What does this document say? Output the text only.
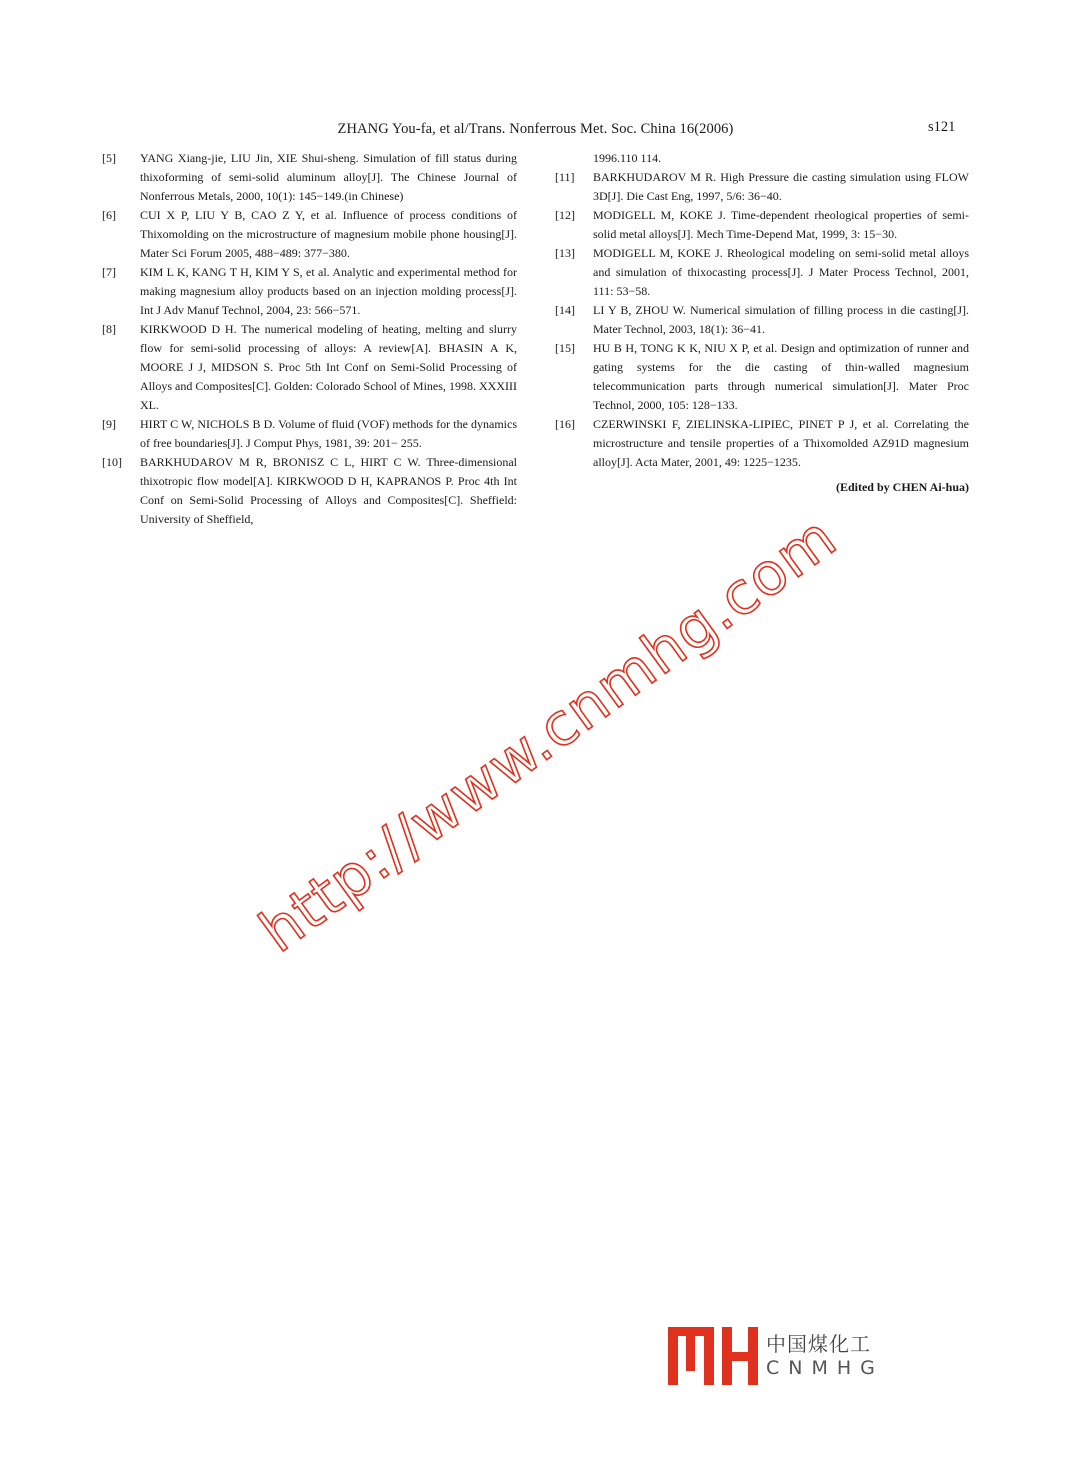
ZHANG You-fa, et al/Trans. Nonferrous Met. Soc. China 16(2006)	s121
[5] YANG Xiang-jie, LIU Jin, XIE Shui-sheng. Simulation of fill status during thixoforming of semi-solid aluminum alloy[J]. The Chinese Journal of Nonferrous Metals, 2000, 10(1): 145−149.(in Chinese)
[6] CUI X P, LIU Y B, CAO Z Y, et al. Influence of process conditions of Thixomolding on the microstructure of magnesium mobile phone housing[J]. Mater Sci Forum 2005, 488−489: 377−380.
[7] KIM L K, KANG T H, KIM Y S, et al. Analytic and experimental method for making magnesium alloy products based on an injection molding process[J]. Int J Adv Manuf Technol, 2004, 23: 566−571.
[8] KIRKWOOD D H. The numerical modeling of heating, melting and slurry flow for semi-solid processing of alloys: A review[A]. BHASIN A K, MOORE J J, MIDSON S. Proc 5th Int Conf on Semi-Solid Processing of Alloys and Composites[C]. Golden: Colorado School of Mines, 1998. XXXIII XL.
[9] HIRT C W, NICHOLS B D. Volume of fluid (VOF) methods for the dynamics of free boundaries[J]. J Comput Phys, 1981, 39: 201− 255.
[10] BARKHUDAROV M R, BRONISZ C L, HIRT C W. Three-dimensional thixotropic flow model[A]. KIRKWOOD D H, KAPRANOS P. Proc 4th Int Conf on Semi-Solid Processing of Alloys and Composites[C]. Sheffield: University of Sheffield,
1996.110 114.
[11] BARKHUDAROV M R. High Pressure die casting simulation using FLOW 3D[J]. Die Cast Eng, 1997, 5/6: 36−40.
[12] MODIGELL M, KOKE J. Time-dependent rheological properties of semi-solid metal alloys[J]. Mech Time-Depend Mat, 1999, 3: 15−30.
[13] MODIGELL M, KOKE J. Rheological modeling on semi-solid metal alloys and simulation of thixocasting process[J]. J Mater Process Technol, 2001, 111: 53−58.
[14] LI Y B, ZHOU W. Numerical simulation of filling process in die casting[J]. Mater Technol, 2003, 18(1): 36−41.
[15] HU B H, TONG K K, NIU X P, et al. Design and optimization of runner and gating systems for the die casting of thin-walled magnesium telecommunication parts through numerical simulation[J]. Mater Proc Technol, 2000, 105: 128−133.
[16] CZERWINSKI F, ZIELINSKA-LIPIEC, PINET P J, et al. Correlating the microstructure and tensile properties of a Thixomolded AZ91D magnesium alloy[J]. Acta Mater, 2001, 49: 1225−1235.
(Edited by CHEN Ai-hua)
http://www.cnmhg.com
中国煤化工
CNMHG
